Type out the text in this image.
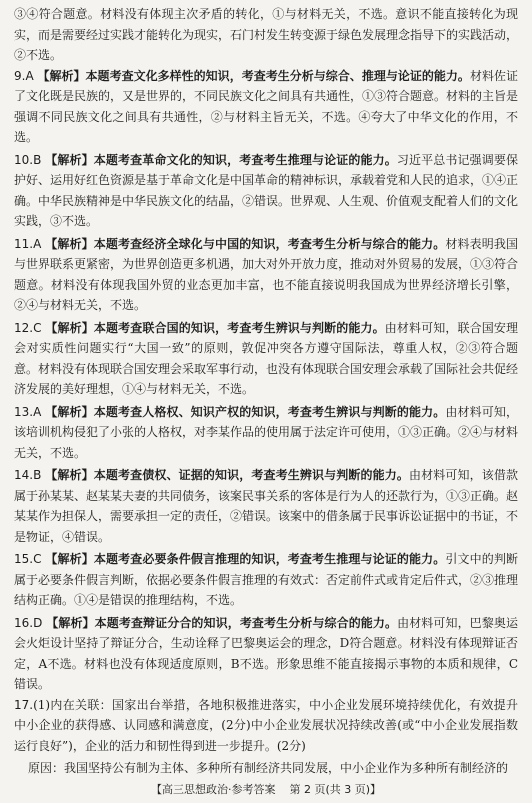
③④符合题意。材料没有体现主次矛盾的转化，①与材料无关，不选。意识不能直接转化为现实，而是需要经过实践才能转化为现实，石门村发生转变源于绿色发展理念指导下的实践活动，②不选。

9.A 【解析】本题考查文化多样性的知识，考查考生分析与综合、推理与论证的能力。材料佐证了文化既是民族的，又是世界的，不同民族文化之间具有共通性，①③符合题意。材料的主旨是强调不同民族文化之间具有共通性，②与材料主旨无关，不选。④夸大了中华文化的作用，不选。

10.B 【解析】本题考查革命文化的知识，考查考生推理与论证的能力。习近平总书记强调要保护好、运用好红色资源是基于革命文化是中国革命的精神标识，承载着党和人民的追求，①④正确。中华民族精神是中华民族文化的结晶，②错误。世界观、人生观、价值观支配着人们的文化实践，③不选。

11.A 【解析】本题考查经济全球化与中国的知识，考查考生分析与综合的能力。材料表明我国与世界联系更紧密，为世界创造更多机遇，加大对外开放力度，推动对外贸易的发展，①③符合题意。材料没有体现我国外贸的业态更加丰富，也不能直接说明我国成为世界经济增长引擎，②④与材料无关，不选。

12.C 【解析】本题考查联合国的知识，考查考生辨识与判断的能力。由材料可知，联合国安理会对实质性问题实行“大国一致”的原则，敦促冲突各方遵守国际法，尊重人权，②③符合题意。材料没有体现联合国安理会采取军事行动，也没有体现联合国安理会承载了国际社会共促经济发展的美好理想，①④与材料无关，不选。

13.A 【解析】本题考查人格权、知识产权的知识，考查考生辨识与判断的能力。由材料可知，该培训机构侵犯了小张的人格权，对李某作品的使用属于法定许可使用，①③正确。②④与材料无关，不选。

14.B 【解析】本题考查债权、证据的知识，考查考生辨识与判断的能力。由材料可知，该借款属于孙某某、赵某某夫妻的共同债务，该案民事关系的客体是行为人的还款行为，①③正确。赵某某作为担保人，需要承担一定的责任，②错误。该案中的借条属于民事诉讼证据中的书证，不是物证，④错误。

15.C 【解析】本题考查必要条件假言推理的知识，考查考生推理与论证的能力。引文中的判断属于必要条件假言判断，依据必要条件假言推理的有效式：否定前件式或肯定后件式，②③推理结构正确。①④是错误的推理结构，不选。

16.D 【解析】本题考查辩证分合的知识，考查考生分析与综合的能力。由材料可知，巴黎奥运会火炬设计坚持了辩证分合，生动诠释了巴黎奥运会的理念，D符合题意。材料没有体现辩证否定，A不选。材料也没有体现适度原则，B不选。形象思维不能直接揭示事物的本质和规律，C错误。

17.(1)内在关联：国家出台举措，各地积极推进落实，中小企业发展环境持续优化，有效提升中小企业的获得感、认同感和满意度，(2分)中小企业发展状况持续改善(或“中小企业发展指数运行良好”)，企业的活力和韧性得到进一步提升。(2分)

原因：我国坚持公有制为主体、多种所有制经济共同发展，中小企业作为多种所有制经济的

【高三思想政治·参考答案 第 2 页(共 3 页)】
